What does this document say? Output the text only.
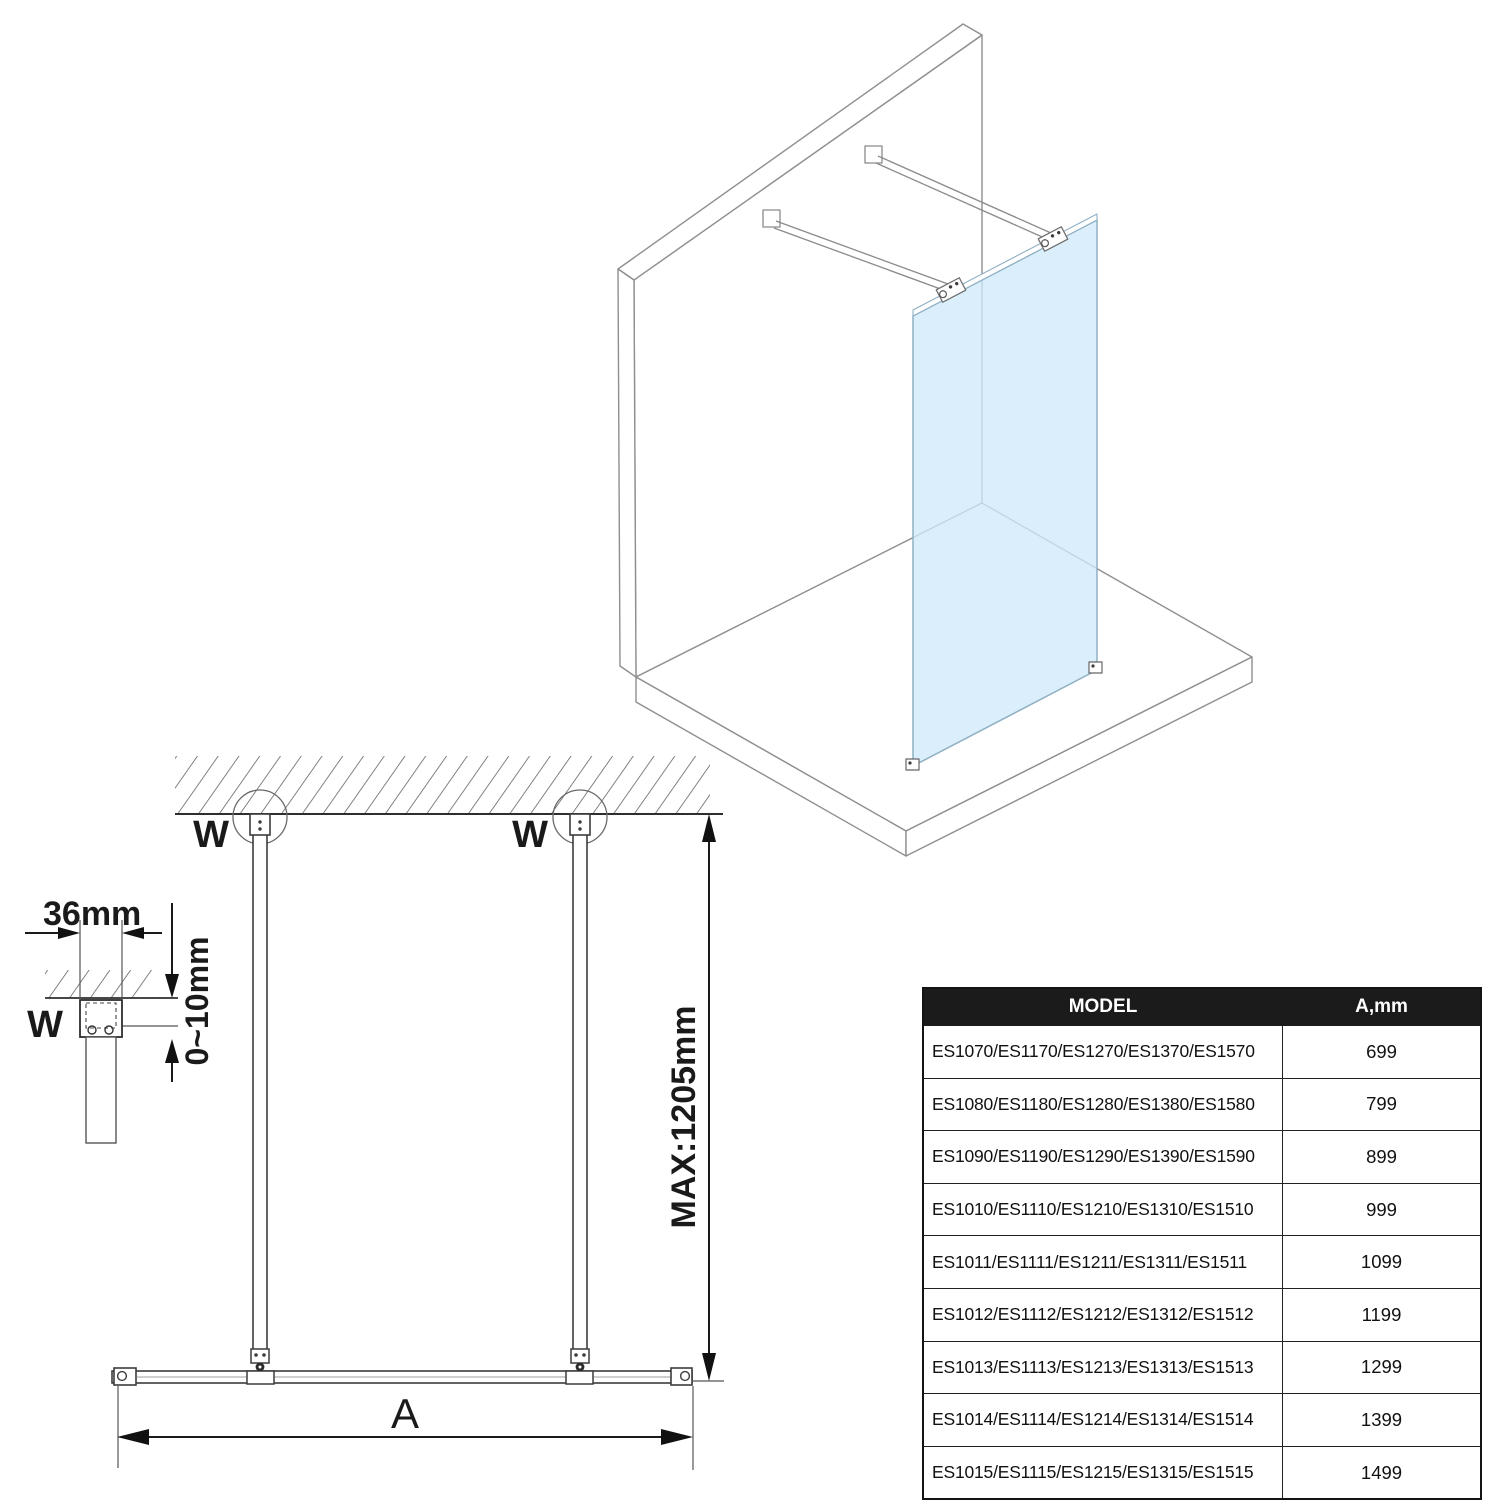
MAX:1205mm
A
W	W
36mm
0~10mm
W	MODEL	A,mm
ES1070/ES1170/ES1270/ES1370/ES1570	699
ES1080/ES1180/ES1280/ES1380/ES1580	799
ES1090/ES1190/ES1290/ES1390/ES1590	899
ES1010/ES1110/ES1210/ES1310/ES1510	999
ES1011/ES1111/ES1211/ES1311/ES1511	1099
ES1012/ES1112/ES1212/ES1312/ES1512	1199
ES1013/ES1113/ES1213/ES1313/ES1513	1299
ES1014/ES1114/ES1214/ES1314/ES1514	1399
ES1015/ES1115/ES1215/ES1315/ES1515	1499
